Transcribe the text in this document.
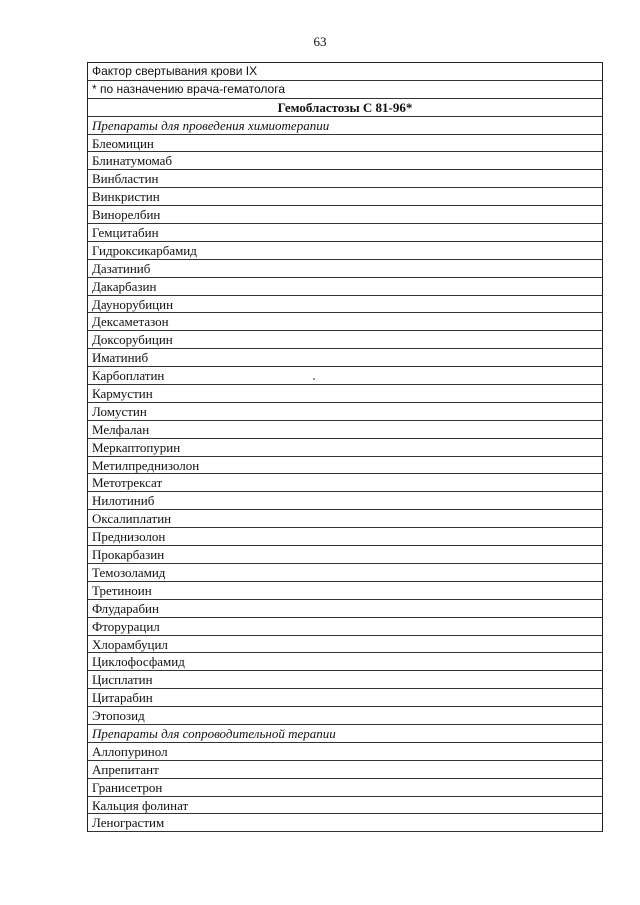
63
Фактор свертывания крови IX
* по назначению врача-гематолога
Гемобластозы С 81-96*
Препараты для проведения химиотерапии
Блеомицин
Блинатумомаб
Винбластин
Винкристин
Винорелбин
Гемцитабин
Гидроксикарбамид
Дазатиниб
Дакарбазин
Даунорубицин
Дексаметазон
Доксорубицин
Иматиниб
Карбоплатин
Кармустин
Ломустин
Мелфалан
Меркаптопурин
Метилпреднизолон
Метотрексат
Нилотиниб
Оксалиплатин
Преднизолон
Прокарбазин
Темозоламид
Третиноин
Флударабин
Фторурацил
Хлорамбуцил
Циклофосфамид
Цисплатин
Цитарабин
Этопозид
Препараты для сопроводительной терапии
Аллопуринол
Апрепитант
Гранисетрон
Кальция фолинат
Ленограстим
